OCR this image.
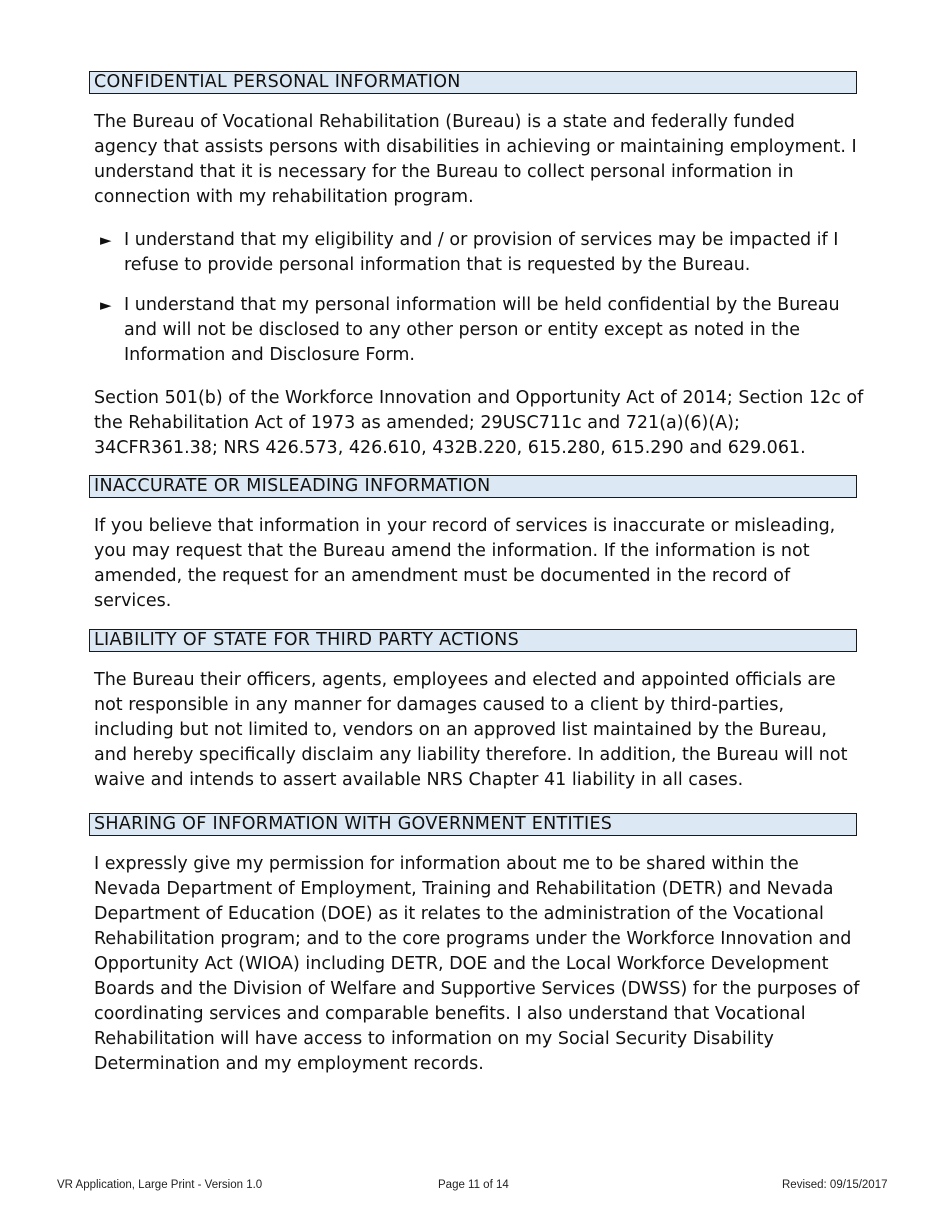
CONFIDENTIAL PERSONAL INFORMATION

The Bureau of Vocational Rehabilitation (Bureau) is a state and federally funded agency that assists persons with disabilities in achieving or maintaining employment. I understand that it is necessary for the Bureau to collect personal information in connection with my rehabilitation program.

► I understand that my eligibility and / or provision of services may be impacted if I refuse to provide personal information that is requested by the Bureau.
► I understand that my personal information will be held confidential by the Bureau and will not be disclosed to any other person or entity except as noted in the Information and Disclosure Form.

Section 501(b) of the Workforce Innovation and Opportunity Act of 2014; Section 12c of the Rehabilitation Act of 1973 as amended; 29USC711c and 721(a)(6)(A); 34CFR361.38; NRS 426.573, 426.610, 432B.220, 615.280, 615.290 and 629.061.

INACCURATE OR MISLEADING INFORMATION

If you believe that information in your record of services is inaccurate or misleading, you may request that the Bureau amend the information. If the information is not amended, the request for an amendment must be documented in the record of services.

LIABILITY OF STATE FOR THIRD PARTY ACTIONS

The Bureau their officers, agents, employees and elected and appointed officials are not responsible in any manner for damages caused to a client by third-parties, including but not limited to, vendors on an approved list maintained by the Bureau, and hereby specifically disclaim any liability therefore. In addition, the Bureau will not waive and intends to assert available NRS Chapter 41 liability in all cases.

SHARING OF INFORMATION WITH GOVERNMENT ENTITIES

I expressly give my permission for information about me to be shared within the Nevada Department of Employment, Training and Rehabilitation (DETR) and Nevada Department of Education (DOE) as it relates to the administration of the Vocational Rehabilitation program; and to the core programs under the Workforce Innovation and Opportunity Act (WIOA) including DETR, DOE and the Local Workforce Development Boards and the Division of Welfare and Supportive Services (DWSS) for the purposes of coordinating services and comparable benefits. I also understand that Vocational Rehabilitation will have access to information on my Social Security Disability Determination and my employment records.

VR Application, Large Print - Version 1.0	Page 11 of 14	Revised: 09/15/2017
